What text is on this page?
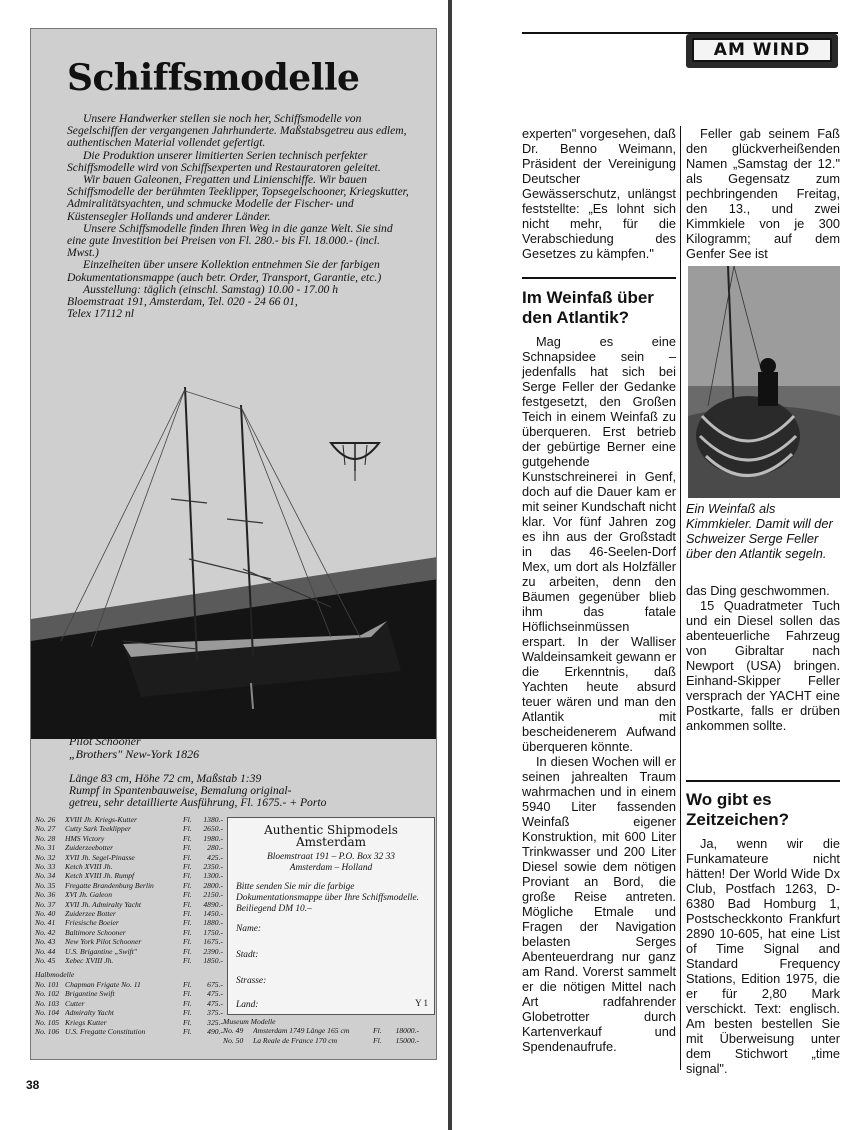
Schiffsmodelle

Unsere Handwerker stellen sie noch her, Schiffsmodelle von Segelschiffen der vergangenen Jahrhunderte. Maßstabsgetreu aus edlem, authentischen Material vollendet gefertigt.

Die Produktion unserer limitierten Serien technisch perfekter Schiffsmodelle wird von Schiffsexperten und Restauratoren geleitet.

Wir bauen Galeonen, Fregatten und Linienschiffe. Wir bauen Schiffsmodelle der berühmten Teeklipper, Topsegelschooner, Kriegskutter, Admiralitätsyachten, und schmucke Modelle der Fischer- und Küstensegler Hollands und anderer Länder.

Unsere Schiffsmodelle finden Ihren Weg in die ganze Welt. Sie sind eine gute Investition bei Preisen von Fl. 280.- bis Fl. 18.000.- (incl. Mwst.)

Einzelheiten über unsere Kollektion entnehmen Sie der farbigen Dokumentationsmappe (auch betr. Order, Transport, Garantie, etc.)

Ausstellung: täglich (einschl. Samstag) 10.00 - 17.00 h

Bloemstraat 191, Amsterdam, Tel. 020 - 24 66 01,

Telex 17112 nl

Pilot Schooner
„Brothers" New-York 1826
Länge 83 cm, Höhe 72 cm, Maßstab 1:39
Rumpf in Spantenbauweise, Bemalung original-
getreu, sehr detaillierte Ausführung, Fl. 1675.- + Porto
No. 26	XVIII Jh. Kriegs-Kutter	Fl.	1380.-
No. 27	Cutty Sark Teeklipper	Fl.	2650.-
No. 28	HMS Victory	Fl.	1980.-
No. 31	Zuiderzeebotter	Fl.	280.-
No. 32	XVII Jh. Segel-Pinasse	Fl.	425.-
No. 33	Ketch XVIII Jh.	Fl.	2350.-
No. 34	Ketch XVIII Jh. Rumpf	Fl.	1300.-
No. 35	Fregatte Brandenburg Berlin	Fl.	2800.-
No. 36	XVI Jh. Galeon	Fl.	2150.-
No. 37	XVII Jh. Admiralty Yacht	Fl.	4890.-
No. 40	Zuiderzee Botter	Fl.	1450.-
No. 41	Friesische Boeier	Fl.	1880.-
No. 42	Baltimore Schooner	Fl.	1750.-
No. 43	New York Pilot Schooner	Fl.	1675.-
No. 44	U.S. Brigantine „Swift"	Fl.	2390.-
No. 45	Xebec XVIII Jh.	Fl.	1850.-
Halbmodelle
No. 101 Chapman Frigate No. 11	Fl.	675.-
No. 102 Brigantine Swift	Fl.	475.-
No. 103 Cutter	Fl.	475.-
No. 104 Admiralty Yacht	Fl.	375.-
No. 105 Kriegs Kutter	Fl.	325.-
No. 106 U.S. Fregatte Constitution	Fl.	490.-
Authentic Shipmodels
Amsterdam
Bloemstraat 191 – P.O. Box 32 33
Amsterdam – Holland
Bitte senden Sie mir die farbige Dokumentationsmappe über Ihre Schiffsmodelle. Beiliegend DM 10.–
Name:
Stadt:
Strasse:
Land:	Y 1
Museum Modelle
No. 49	Amsterdam 1749 Länge 165 cm	Fl.	18000.-
No. 50	La Reale de France 170 cm	Fl.	15000.-
38
AM WIND

experten" vorgesehen, daß Dr. Benno Weimann, Präsident der Vereinigung Deutscher Gewässerschutz, unlängst feststellte: „Es lohnt sich nicht mehr, für die Verabschiedung des Gesetzes zu kämpfen."

Im Weinfaß über den Atlantik?

Mag es eine Schnapsidee sein – jedenfalls hat sich bei Serge Feller der Gedanke festgesetzt, den Großen Teich in einem Weinfaß zu überqueren. Erst betrieb der gebürtige Berner eine gutgehende Kunstschreinerei in Genf, doch auf die Dauer kam er mit seiner Kundschaft nicht klar. Vor fünf Jahren zog es ihn aus der Großstadt in das 46-Seelen-Dorf Mex, um dort als Holzfäller zu arbeiten, denn den Bäumen gegenüber blieb ihm das fatale Höflichseinmüssen erspart. In der Walliser Waldeinsamkeit gewann er die Erkenntnis, daß Yachten heute absurd teuer wären und man den Atlantik mit bescheidenerem Aufwand überqueren könnte.

In diesen Wochen will er seinen jahrealten Traum wahrmachen und in einem 5940 Liter fassenden Weinfaß eigener Konstruktion, mit 600 Liter Trinkwasser und 200 Liter Diesel sowie dem nötigen Proviant an Bord, die große Reise antreten. Mögliche Etmale und Fragen der Navigation belasten Serges Abenteuerdrang nur ganz am Rand. Vorerst sammelt er die nötigen Mittel nach Art radfahrender Globetrotter durch Kartenverkauf und Spendenaufrufe.

Feller gab seinem Faß den glückverheißenden Namen „Samstag der 12." als Gegensatz zum pechbringenden Freitag, den 13., und zwei Kimmkiele von je 300 Kilogramm; auf dem Genfer See ist

Ein Weinfaß als Kimmkieler. Damit will der Schweizer Serge Feller über den Atlantik segeln.

das Ding geschwommen.

15 Quadratmeter Tuch und ein Diesel sollen das abenteuerliche Fahrzeug von Gibraltar nach Newport (USA) bringen. Einhand-Skipper Feller versprach der YACHT eine Postkarte, falls er drüben ankommen sollte.

Wo gibt es Zeitzeichen?

Ja, wenn wir die Funkamateure nicht hätten! Der World Wide Dx Club, Postfach 1263, D-6380 Bad Homburg 1, Postscheckkonto Frankfurt 2890 10-605, hat eine List of Time Signal and Standard Frequency Stations, Edition 1975, die er für 2,80 Mark verschickt. Text: englisch. Am besten bestellen Sie mit Überweisung unter dem Stichwort „time signal".
